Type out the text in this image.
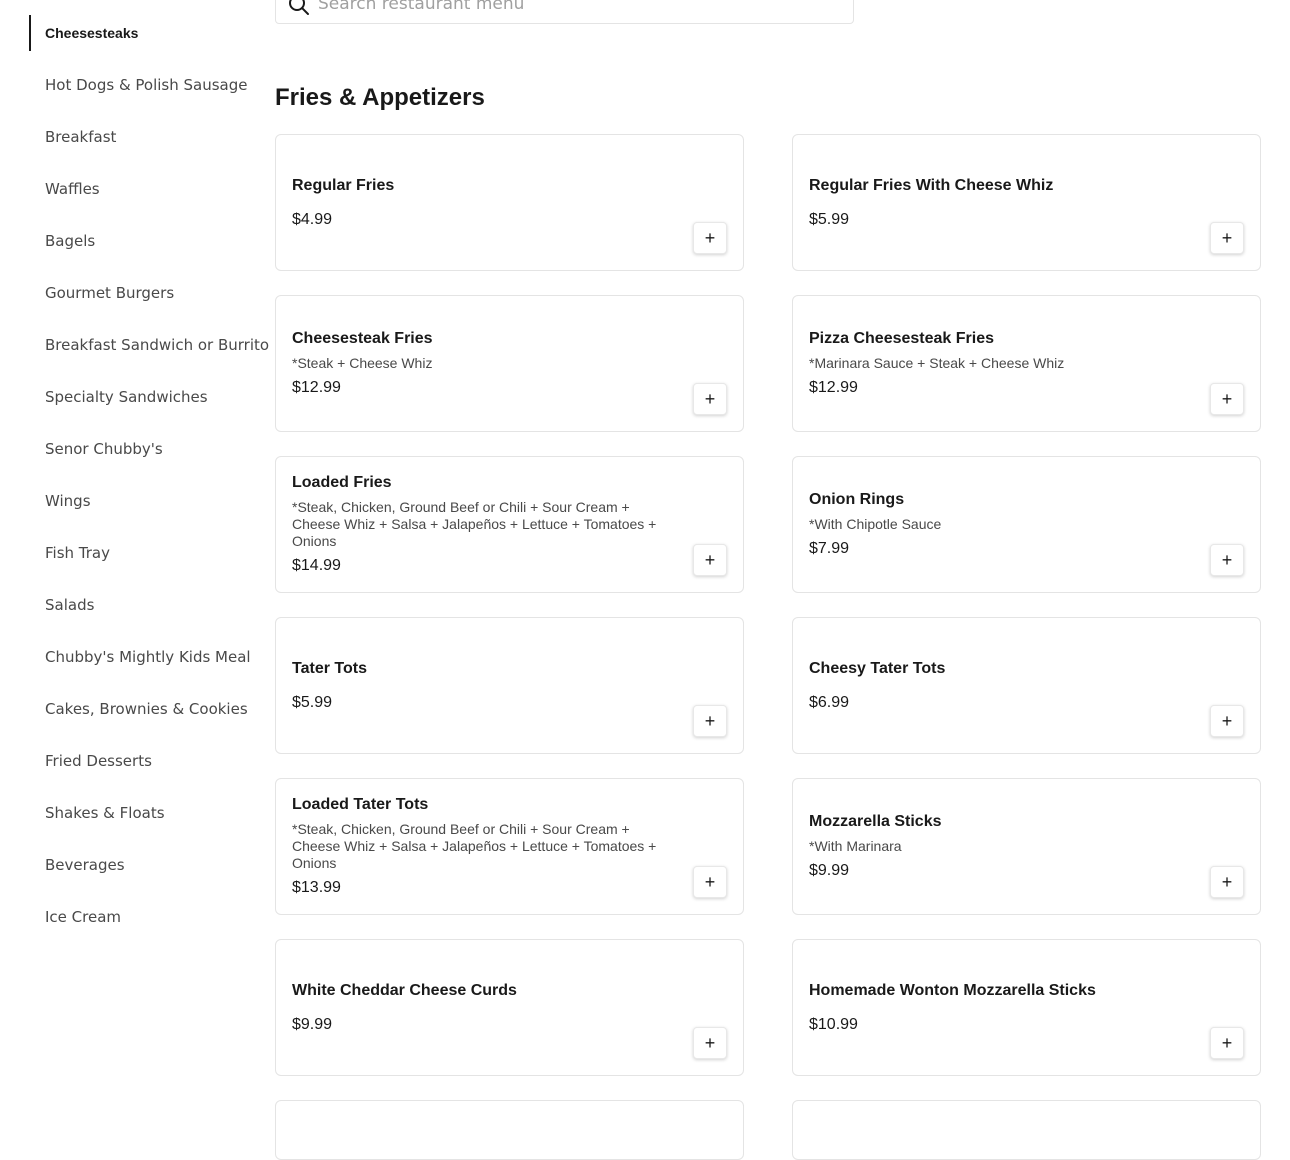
Cheesesteaks
Hot Dogs & Polish Sausage
Breakfast
Waffles
Bagels
Gourmet Burgers
Breakfast Sandwich or Burrito
Specialty Sandwiches
Senor Chubby's
Wings
Fish Tray
Salads
Chubby's Mightly Kids Meal
Cakes, Brownies & Cookies
Fried Desserts
Shakes & Floats
Beverages
Ice Cream
Search restaurant menu
Fries & Appetizers
Regular Fries
$4.99
+
Regular Fries With Cheese Whiz
$5.99
+
Cheesesteak Fries
*Steak + Cheese Whiz
$12.99
+
Pizza Cheesesteak Fries
*Marinara Sauce + Steak + Cheese Whiz
$12.99
+
Loaded Fries
*Steak, Chicken, Ground Beef or Chili + Sour Cream + Cheese Whiz + Salsa + Jalapeños + Lettuce + Tomatoes + Onions
$14.99	+
Onion Rings
*With Chipotle Sauce
$7.99
+
Tater Tots
$5.99
+
Cheesy Tater Tots
$6.99
+
Loaded Tater Tots
*Steak, Chicken, Ground Beef or Chili + Sour Cream + Cheese Whiz + Salsa + Jalapeños + Lettuce + Tomatoes + Onions
$13.99	+
Mozzarella Sticks
*With Marinara
$9.99
+
White Cheddar Cheese Curds
$9.99
+
Homemade Wonton Mozzarella Sticks
$10.99
+
